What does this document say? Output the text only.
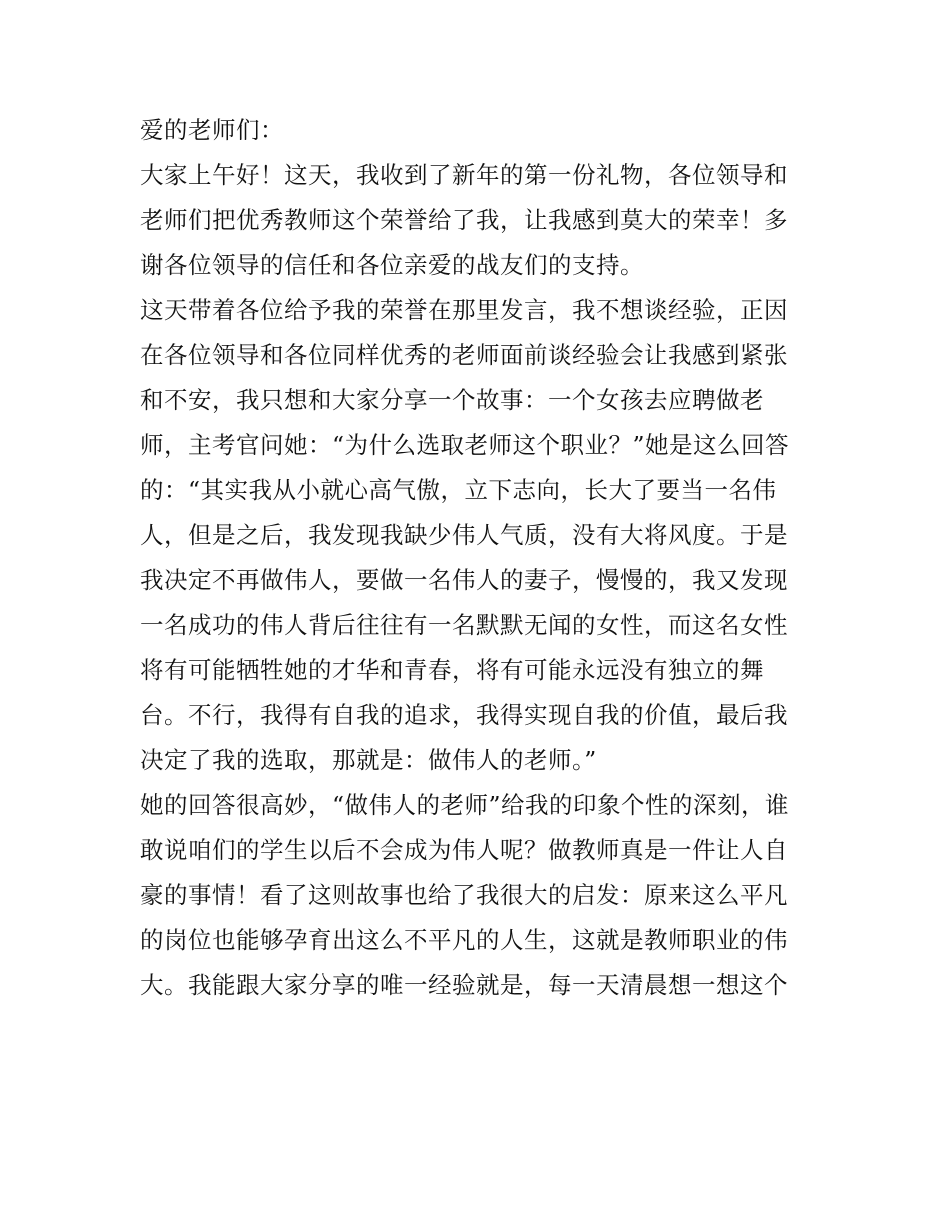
爱的老师们：
大家上午好！这天，我收到了新年的第一份礼物，各位领导和
老师们把优秀教师这个荣誉给了我，让我感到莫大的荣幸！多
谢各位领导的信任和各位亲爱的战友们的支持。
这天带着各位给予我的荣誉在那里发言，我不想谈经验，正因
在各位领导和各位同样优秀的老师面前谈经验会让我感到紧张
和不安，我只想和大家分享一个故事：一个女孩去应聘做老
师，主考官问她：“为什么选取老师这个职业？”她是这么回答
的：“其实我从小就心高气傲，立下志向，长大了要当一名伟
人，但是之后，我发现我缺少伟人气质，没有大将风度。于是
我决定不再做伟人，要做一名伟人的妻子，慢慢的，我又发现
一名成功的伟人背后往往有一名默默无闻的女性，而这名女性
将有可能牺牲她的才华和青春，将有可能永远没有独立的舞
台。不行，我得有自我的追求，我得实现自我的价值，最后我
决定了我的选取，那就是：做伟人的老师。”
她的回答很高妙，“做伟人的老师”给我的印象个性的深刻，谁
敢说咱们的学生以后不会成为伟人呢？做教师真是一件让人自
豪的事情！看了这则故事也给了我很大的启发：原来这么平凡
的岗位也能够孕育出这么不平凡的人生，这就是教师职业的伟
大。我能跟大家分享的唯一经验就是，每一天清晨想一想这个
